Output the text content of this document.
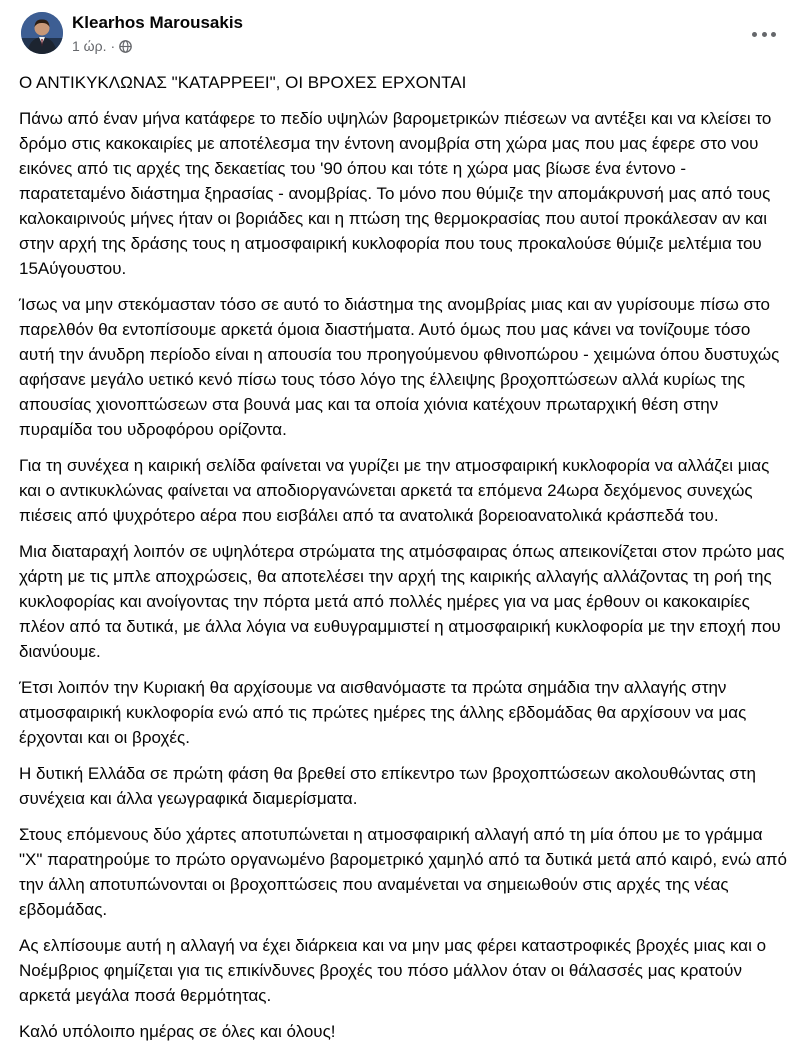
Klearhos Marousakis
1 ώρ. ·
Ο ΑΝΤΙΚΥΚΛΩΝΑΣ "ΚΑΤΑΡΡΕΕΙ", ΟΙ ΒΡΟΧΕΣ ΕΡΧΟΝΤΑΙ

Πάνω από έναν μήνα κατάφερε το πεδίο υψηλών βαρομετρικών πιέσεων να αντέξει και να κλείσει το δρόμο στις κακοκαιρίες με αποτέλεσμα την έντονη ανομβρία στη χώρα μας που μας έφερε στο νου εικόνες από τις αρχές της δεκαετίας του '90 όπου και τότε η χώρα μας βίωσε ένα έντονο - παρατεταμένο διάστημα ξηρασίας - ανομβρίας. Το μόνο που θύμιζε την απομάκρυνσή μας από τους καλοκαιρινούς μήνες ήταν οι βοριάδες και η πτώση της θερμοκρασίας που αυτοί προκάλεσαν αν και στην αρχή της δράσης τους η ατμοσφαιρική κυκλοφορία που τους προκαλούσε θύμιζε μελτέμια του 15Αύγουστου.

Ίσως να μην στεκόμασταν τόσο σε αυτό το διάστημα της ανομβρίας μιας και αν γυρίσουμε πίσω στο παρελθόν θα εντοπίσουμε αρκετά όμοια διαστήματα. Αυτό όμως που μας κάνει να τονίζουμε τόσο αυτή την άνυδρη περίοδο είναι η απουσία του προηγούμενου φθινοπώρου - χειμώνα όπου δυστυχώς αφήσανε μεγάλο υετικό κενό πίσω τους τόσο λόγο της έλλειψης βροχοπτώσεων αλλά κυρίως της απουσίας χιονοπτώσεων στα βουνά μας και τα οποία χιόνια κατέχουν πρωταρχική θέση στην πυραμίδα του υδροφόρου ορίζοντα.

Για τη συνέχεα η καιρική σελίδα φαίνεται να γυρίζει με την ατμοσφαιρική κυκλοφορία να αλλάζει μιας και ο αντικυκλώνας φαίνεται να αποδιοργανώνεται αρκετά τα επόμενα 24ωρα δεχόμενος συνεχώς πιέσεις από ψυχρότερο αέρα που εισβάλει από τα ανατολικά βορειοανατολικά κράσπεδά του.

Μια διαταραχή λοιπόν σε υψηλότερα στρώματα της ατμόσφαιρας όπως απεικονίζεται στον πρώτο μας χάρτη με τις μπλε αποχρώσεις, θα αποτελέσει την αρχή της καιρικής αλλαγής αλλάζοντας τη ροή της κυκλοφορίας και ανοίγοντας την πόρτα μετά από πολλές ημέρες για να μας έρθουν οι κακοκαιρίες πλέον από τα δυτικά, με άλλα λόγια να ευθυγραμμιστεί η ατμοσφαιρική κυκλοφορία με την εποχή που διανύουμε.

Έτσι λοιπόν την Κυριακή θα αρχίσουμε να αισθανόμαστε τα πρώτα σημάδια την αλλαγής στην ατμοσφαιρική κυκλοφορία ενώ από τις πρώτες ημέρες της άλλης εβδομάδας θα αρχίσουν να μας έρχονται και οι βροχές.

Η δυτική Ελλάδα σε πρώτη φάση θα βρεθεί στο επίκεντρο των βροχοπτώσεων ακολουθώντας στη συνέχεια και άλλα γεωγραφικά διαμερίσματα.

Στους επόμενους δύο χάρτες αποτυπώνεται η ατμοσφαιρική αλλαγή από τη μία όπου με το γράμμα "Χ" παρατηρούμε το πρώτο οργανωμένο βαρομετρικό χαμηλό από τα δυτικά μετά από καιρό, ενώ από την άλλη αποτυπώνονται οι βροχοπτώσεις που αναμένεται να σημειωθούν στις αρχές της νέας εβδομάδας.

Ας ελπίσουμε αυτή η αλλαγή να έχει διάρκεια και να μην μας φέρει καταστροφικές βροχές μιας και ο Νοέμβριος φημίζεται για τις επικίνδυνες βροχές του πόσο μάλλον όταν οι θάλασσές μας κρατούν αρκετά μεγάλα ποσά θερμότητας.

Καλό υπόλοιπο ημέρας σε όλες και όλους!
